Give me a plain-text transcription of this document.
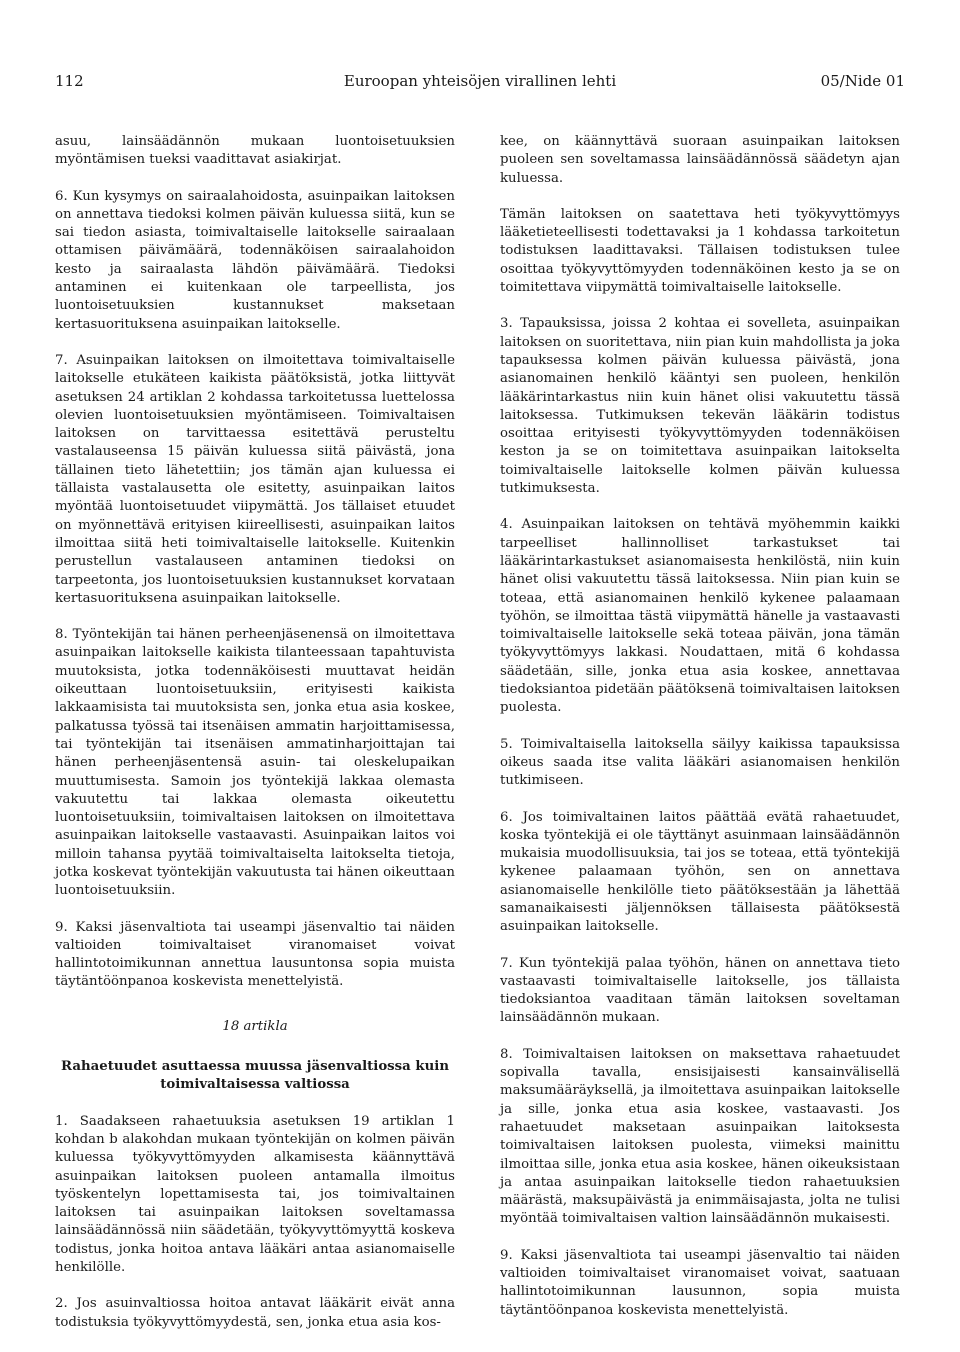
112	Euroopan yhteisöjen virallinen lehti	05/Nide 01

asuu, lainsäädännön mukaan luontoisetuuksien myöntämisen tueksi vaadittavat asiakirjat.

6. Kun kysymys on sairaalahoidosta, asuinpaikan laitoksen on annettava tiedoksi kolmen päivän kuluessa siitä, kun se sai tiedon asiasta, toimivaltaiselle laitokselle sairaalaan ottamisen päivämäärä, todennäköisen sairaalahoidon kesto ja sairaalasta lähdön päivämäärä. Tiedoksi antaminen ei kuitenkaan ole tarpeellista, jos luontoisetuuksien kustannukset maksetaan kertasuorituksena asuinpaikan laitokselle.

7. Asuinpaikan laitoksen on ilmoitettava toimivaltaiselle laitokselle etukäteen kaikista päätöksistä, jotka liittyvät asetuksen 24 artiklan 2 kohdassa tarkoitetussa luettelossa olevien luontoisetuuksien myöntämiseen. Toimivaltaisen laitoksen on tarvittaessa esitettävä perusteltu vastalauseensa 15 päivän kuluessa siitä päivästä, jona tällainen tieto lähetettiin; jos tämän ajan kuluessa ei tällaista vastalausetta ole esitetty, asuinpaikan laitos myöntää luontoisetuudet viipymättä. Jos tällaiset etuudet on myönnettävä erityisen kiireellisesti, asuinpaikan laitos ilmoittaa siitä heti toimivaltaiselle laitokselle. Kuitenkin perustellun vastalauseen antaminen tiedoksi on tarpeetonta, jos luontoisetuuksien kustannukset korvataan kertasuorituksena asuinpaikan laitokselle.

8. Työntekijän tai hänen perheenjäsenensä on ilmoitettava asuinpaikan laitokselle kaikista tilanteessaan tapahtuvista muutoksista, jotka todennäköisesti muuttavat heidän oikeuttaan luontoisetuuksiin, erityisesti kaikista lakkaamisista tai muutoksista sen, jonka etua asia koskee, palkatussa työssä tai itsenäisen ammatin harjoittamisessa, tai työntekijän tai itsenäisen ammatinharjoittajan tai hänen perheenjäsentensä asuin- tai oleskelupaikan muuttumisesta. Samoin jos työntekijä lakkaa olemasta vakuutettu tai lakkaa olemasta oikeutettu luontoisetuuksiin, toimivaltaisen laitoksen on ilmoitettava asuinpaikan laitokselle vastaavasti. Asuinpaikan laitos voi milloin tahansa pyytää toimivaltaiselta laitokselta tietoja, jotka koskevat työntekijän vakuutusta tai hänen oikeuttaan luontoisetuuksiin.

9. Kaksi jäsenvaltiota tai useampi jäsenvaltio tai näiden valtioiden toimivaltaiset viranomaiset voivat hallintotoimikunnan annettua lausuntonsa sopia muista täytäntöönpanoa koskevista menettelyistä.

18 artikla
Rahaetuudet asuttaessa muussa jäsenvaltiossa kuin toimivaltaisessa valtiossa

1. Saadakseen rahaetuuksia asetuksen 19 artiklan 1 kohdan b alakohdan mukaan työntekijän on kolmen päivän kuluessa työkyvyttömyyden alkamisesta käännyttävä asuinpaikan laitoksen puoleen antamalla ilmoitus työskentelyn lopettamisesta tai, jos toimivaltainen laitoksen tai asuinpaikan laitoksen soveltamassa lainsäädännössä niin säädetään, työkyvyttömyyttä koskeva todistus, jonka hoitoa antava lääkäri antaa asianomaiselle henkilölle.

2. Jos asuinvaltiossa hoitoa antavat lääkärit eivät anna todistuksia työkyvyttömyydestä, sen, jonka etua asia kos-

kee, on käännyttävä suoraan asuinpaikan laitoksen puoleen sen soveltamassa lainsäädännössä säädetyn ajan kuluessa.

Tämän laitoksen on saatettava heti työkyvyttömyys lääketieteellisesti todettavaksi ja 1 kohdassa tarkoitetun todistuksen laadittavaksi. Tällaisen todistuksen tulee osoittaa työkyvyttömyyden todennäköinen kesto ja se on toimitettava viipymättä toimivaltaiselle laitokselle.

3. Tapauksissa, joissa 2 kohtaa ei sovelleta, asuinpaikan laitoksen on suoritettava, niin pian kuin mahdollista ja joka tapauksessa kolmen päivän kuluessa päivästä, jona asianomainen henkilö kääntyi sen puoleen, henkilön lääkärintarkastus niin kuin hänet olisi vakuutettu tässä laitoksessa. Tutkimuksen tekevän lääkärin todistus osoittaa erityisesti työkyvyttömyyden todennäköisen keston ja se on toimitettava asuinpaikan laitokselta toimivaltaiselle laitokselle kolmen päivän kuluessa tutkimuksesta.

4. Asuinpaikan laitoksen on tehtävä myöhemmin kaikki tarpeelliset hallinnolliset tarkastukset tai lääkärintarkastukset asianomaisesta henkilöstä, niin kuin hänet olisi vakuutettu tässä laitoksessa. Niin pian kuin se toteaa, että asianomainen henkilö kykenee palaamaan työhön, se ilmoittaa tästä viipymättä hänelle ja vastaavasti toimivaltaiselle laitokselle sekä toteaa päivän, jona tämän työkyvyttömyys lakkasi. Noudattaen, mitä 6 kohdassa säädetään, sille, jonka etua asia koskee, annettavaa tiedoksiantoa pidetään päätöksenä toimivaltaisen laitoksen puolesta.

5. Toimivaltaisella laitoksella säilyy kaikissa tapauksissa oikeus saada itse valita lääkäri asianomaisen henkilön tutkimiseen.

6. Jos toimivaltainen laitos päättää evätä rahaetuudet, koska työntekijä ei ole täyttänyt asuinmaan lainsäädännön mukaisia muodollisuuksia, tai jos se toteaa, että työntekijä kykenee palaamaan työhön, sen on annettava asianomaiselle henkilölle tieto päätöksestään ja lähettää samanaikaisesti jäljennöksen tällaisesta päätöksestä asuinpaikan laitokselle.

7. Kun työntekijä palaa työhön, hänen on annettava tieto vastaavasti toimivaltaiselle laitokselle, jos tällaista tiedoksiantoa vaaditaan tämän laitoksen soveltaman lainsäädännön mukaan.

8. Toimivaltaisen laitoksen on maksettava rahaetuudet sopivalla tavalla, ensisijaisesti kansainvälisellä maksumääräyksellä, ja ilmoitettava asuinpaikan laitokselle ja sille, jonka etua asia koskee, vastaavasti. Jos rahaetuudet maksetaan asuinpaikan laitoksesta toimivaltaisen laitoksen puolesta, viimeksi mainittu ilmoittaa sille, jonka etua asia koskee, hänen oikeuksistaan ja antaa asuinpaikan laitokselle tiedon rahaetuuksien määrästä, maksupäivästä ja enimmäisajasta, jolta ne tulisi myöntää toimivaltaisen valtion lainsäädännön mukaisesti.

9. Kaksi jäsenvaltiota tai useampi jäsenvaltio tai näiden valtioiden toimivaltaiset viranomaiset voivat, saatuaan hallintotoimikunnan lausunnon, sopia muista täytäntöönpanoa koskevista menettelyistä.
